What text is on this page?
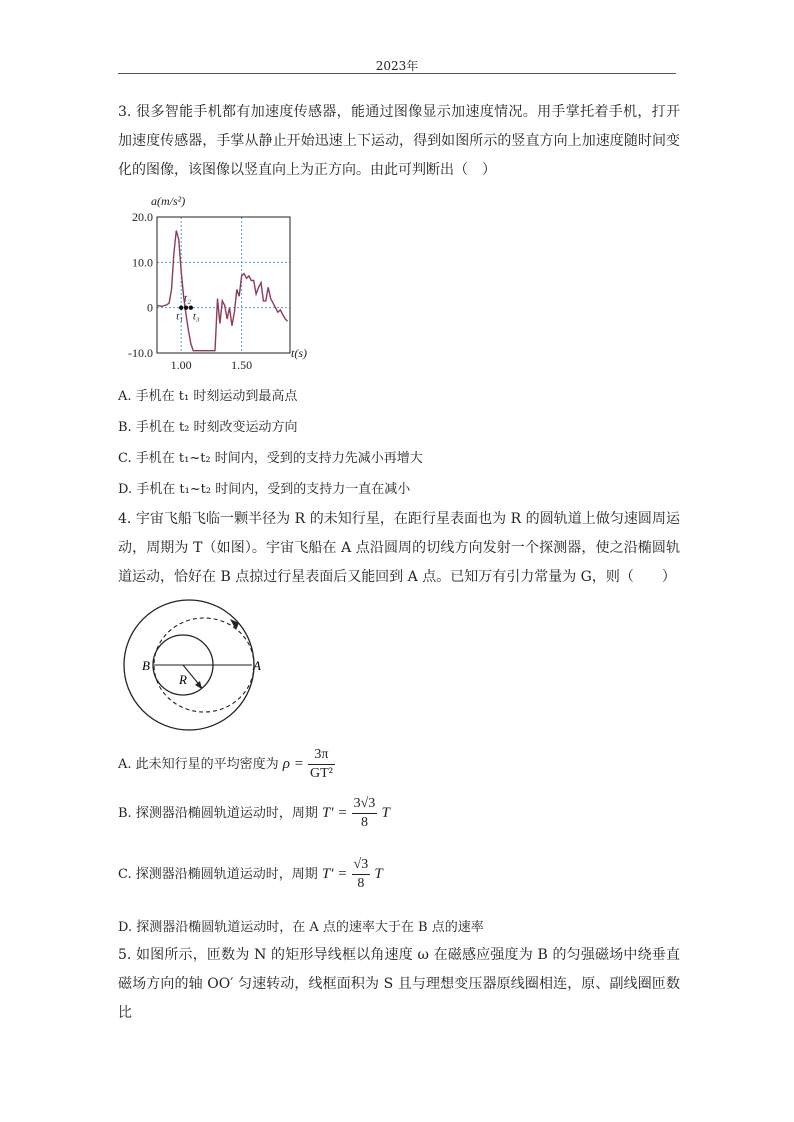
2023年

3. 很多智能手机都有加速度传感器，能通过图像显示加速度情况。用手掌托着手机，打开加速度传感器，手掌从静止开始迅速上下运动，得到如图所示的竖直方向上加速度随时间变化的图像，该图像以竖直向上为正方向。由此可判断出（　）

t₁
t₂
t₃
20.0
10.0
0
-10.0
1.00	1.50
a(m/s²)
t(s)
A. 手机在 t₁ 时刻运动到最高点
B. 手机在 t₂ 时刻改变运动方向
C. 手机在 t₁~t₂ 时间内，受到的支持力先减小再增大
D. 手机在 t₁~t₂ 时间内，受到的支持力一直在减小

4. 宇宙飞船飞临一颗半径为 R 的未知行星，在距行星表面也为 R 的圆轨道上做匀速圆周运动，周期为 T（如图）。宇宙飞船在 A 点沿圆周的切线方向发射一个探测器，使之沿椭圆轨道运动，恰好在 B 点掠过行星表面后又能回到 A 点。已知万有引力常量为 G，则（　　）

B	A
R
A. 此未知行星的平均密度为 $\rho = \frac{3\pi}{\text{GT²}}$
B. 探测器沿椭圆轨道运动时，周期 $T' = \frac{3√3}{8}$ T
C. 探测器沿椭圆轨道运动时，周期 $T' = \frac{√3}{8}$ T
D. 探测器沿椭圆轨道运动时，在 A 点的速率大于在 B 点的速率

5. 如图所示，匝数为 N 的矩形导线框以角速度 ω 在磁感应强度为 B 的匀强磁场中绕垂直磁场方向的轴 OO′ 匀速转动，线框面积为 S 且与理想变压器原线圈相连，原、副线圈匝数比
